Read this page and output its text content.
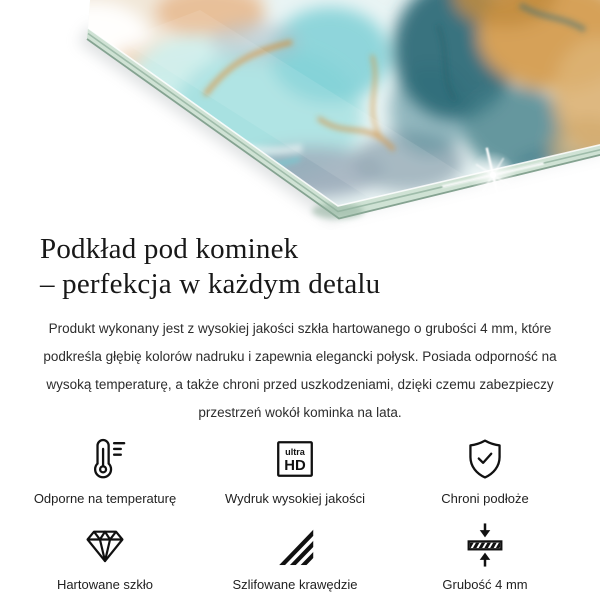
Podkład pod kominek
– perfekcja w każdym detalu

Produkt wykonany jest z wysokiej jakości szkła hartowanego o grubości 4 mm, które podkreśla głębię kolorów nadruku i zapewnia elegancki połysk. Posiada odporność na wysoką temperaturę, a także chroni przed uszkodzeniami, dzięki czemu zabezpieczy przestrzeń wokół kominka na lata.

Odporne na temperaturę
ultra
HD
Wydruk wysokiej jakości	Chroni podłoże
Hartowane szkło	Szlifowane krawędzie	Grubość 4 mm
